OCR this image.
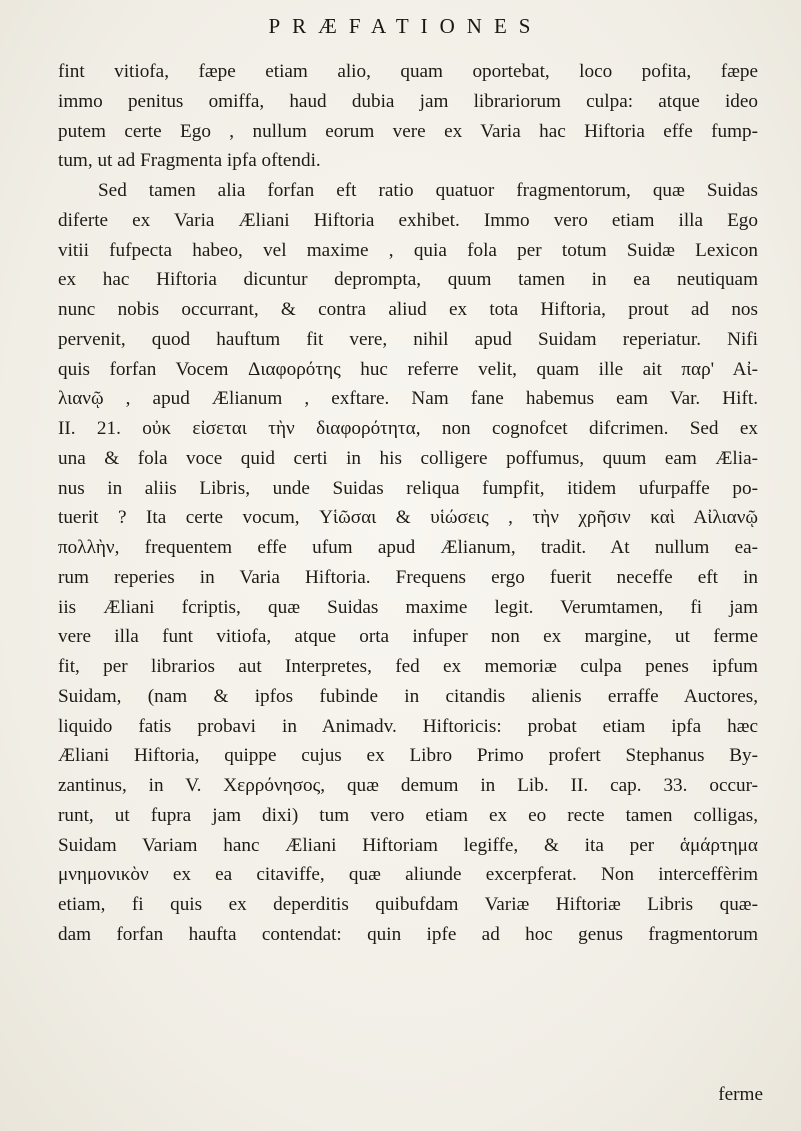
PRÆFATIONES
fint vitiofa, fæpe etiam alio, quam oportebat, loco pofita, fæpe
immo penitus omiffa, haud dubia jam librariorum culpa: atque ideo
putem certe Ego , nullum eorum vere ex Varia hac Hiftoria effe fump-
tum, ut ad Fragmenta ipfa oftendi.
Sed tamen alia forfan eft ratio quatuor fragmentorum, quæ Suidas
diferte ex Varia Æliani Hiftoria exhibet. Immo vero etiam illa Ego
vitii fufpecta habeo, vel maxime , quia fola per totum Suidæ Lexicon
ex hac Hiftoria dicuntur deprompta, quum tamen in ea neutiquam
nunc nobis occurrant, & contra aliud ex tota Hiftoria, prout ad nos
pervenit, quod hauftum fit vere, nihil apud Suidam reperiatur. Nifi
quis forfan Vocem Διαφορότης huc referre velit, quam ille ait παρ' Αἰ-
λιανῷ , apud Ælianum , exftare. Nam fane habemus eam Var. Hift.
II. 21. οὐκ εἰσεται τὴν διαφορότητα, non cognofcet difcrimen. Sed ex
una & fola voce quid certi in his colligere poffumus, quum eam Ælia-
nus in aliis Libris, unde Suidas reliqua fumpfit, itidem ufurpaffe po-
tuerit ? Ita certe vocum, Υἱῶσαι & υἱώσεις , τὴν χρῆσιν καὶ Αἰλιανῷ
πολλὴν, frequentem effe ufum apud Ælianum, tradit. At nullum ea-
rum reperies in Varia Hiftoria. Frequens ergo fuerit neceffe eft in
iis Æliani fcriptis, quæ Suidas maxime legit. Verumtamen, fi jam
vere illa funt vitiofa, atque orta infuper non ex margine, ut ferme
fit, per librarios aut Interpretes, fed ex memoriæ culpa penes ipfum
Suidam, (nam & ipfos fubinde in citandis alienis erraffe Auctores,
liquido fatis probavi in Animadv. Hiftoricis: probat etiam ipfa hæc
Æliani Hiftoria, quippe cujus ex Libro Primo profert Stephanus By-
zantinus, in V. Χερρόνησος, quæ demum in Lib. II. cap. 33. occur-
runt, ut fupra jam dixi) tum vero etiam ex eo recte tamen colligas,
Suidam Variam hanc Æliani Hiftoriam legiffe, & ita per ἁμάρτημα
μνημονικὸν ex ea citaviffe, quæ aliunde excerpferat. Non interceffèrim
etiam, fi quis ex deperditis quibufdam Variæ Hiftoriæ Libris quæ-
dam forfan haufta contendat: quin ipfe ad hoc genus fragmentorum
ferme
